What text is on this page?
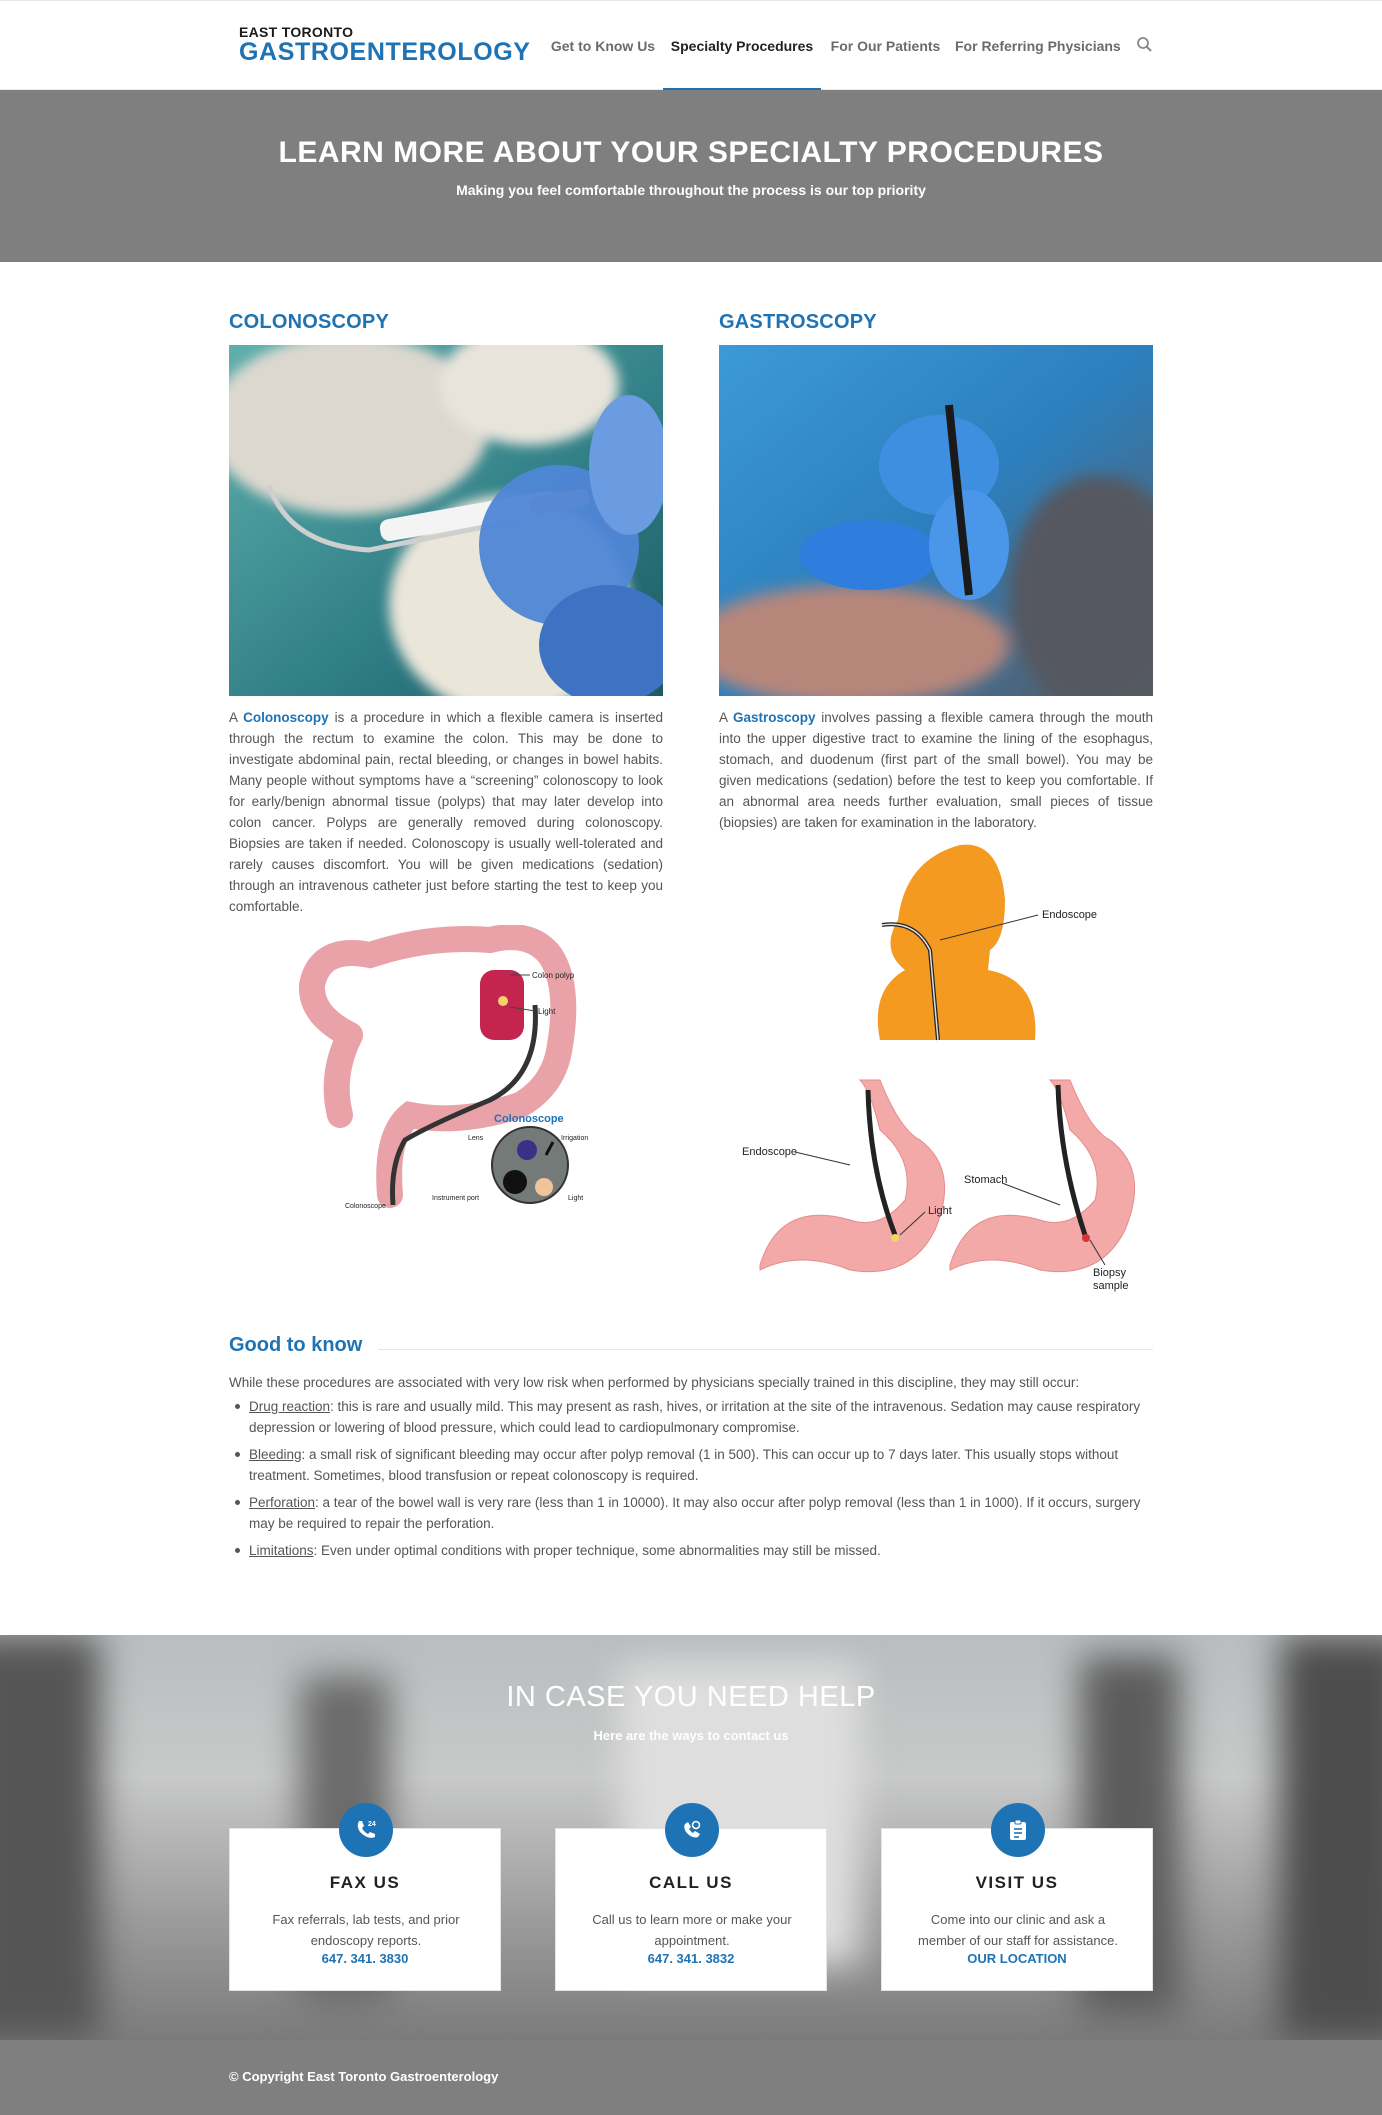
EAST TORONTO
GASTROENTEROLOGY	Get to Know Us	Specialty Procedures	For Our Patients For Referring Physicians
LEARN MORE ABOUT YOUR SPECIALTY PROCEDURES

Making you feel comfortable throughout the process is our top priority

COLONOSCOPY

A Colonoscopy is a procedure in which a flexible camera is inserted through the rectum to examine the colon. This may be done to investigate abdominal pain, rectal bleeding, or changes in bowel habits. Many people without symptoms have a “screening” colonoscopy to look for early/benign abnormal tissue (polyps) that may later develop into colon cancer. Polyps are generally removed during colonoscopy. Biopsies are taken if needed. Colonoscopy is usually well-tolerated and rarely causes discomfort. You will be given medications (sedation) through an intravenous catheter just before starting the test to keep you comfortable.

Colon polyp
Light
Colonoscope
Lens	Irrigation
Instrument port	Light
Colonoscope
GASTROSCOPY

A Gastroscopy involves passing a flexible camera through the mouth into the upper digestive tract to examine the lining of the esophagus, stomach, and duodenum (first part of the small bowel). You may be given medications (sedation) before the test to keep you comfortable. If an abnormal area needs further evaluation, small pieces of tissue (biopsies) are taken for examination in the laboratory.

Endoscope
Endoscope
Light
Stomach
Biopsy
sample
Good to know

While these procedures are associated with very low risk when performed by physicians specially trained in this discipline, they may still occur:

Drug reaction: this is rare and usually mild. This may present as rash, hives, or irritation at the site of the intravenous. Sedation may cause respiratory depression or lowering of blood pressure, which could lead to cardiopulmonary compromise.
Bleeding: a small risk of significant bleeding may occur after polyp removal (1 in 500). This can occur up to 7 days later. This usually stops without treatment. Sometimes, blood transfusion or repeat colonoscopy is required.
Perforation: a tear of the bowel wall is very rare (less than 1 in 10000). It may also occur after polyp removal (less than 1 in 1000). If it occurs, surgery may be required to repair the perforation.
Limitations: Even under optimal conditions with proper technique, some abnormalities may still be missed.
IN CASE YOU NEED HELP

Here are the ways to contact us

24
FAX US
Fax referrals, lab tests, and prior endoscopy reports.
647. 341. 3830
CALL US
Call us to learn more or make your appointment.
647. 341. 3832
VISIT US
Come into our clinic and ask a member of our staff for assistance.
OUR LOCATION

© Copyright East Toronto Gastroenterology
